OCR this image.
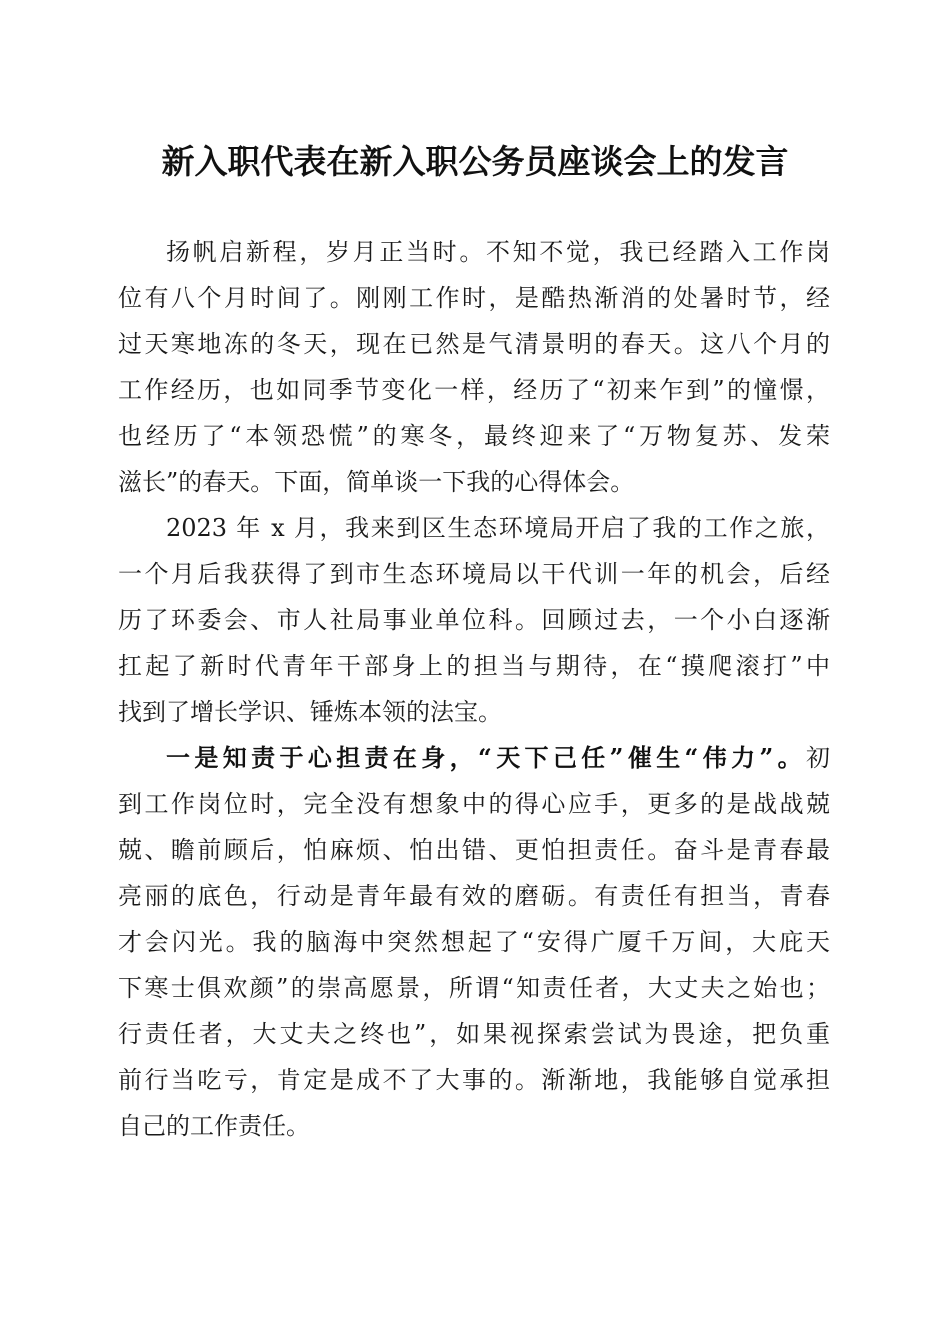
新入职代表在新入职公务员座谈会上的发言
扬帆启新程，岁月正当时。不知不觉，我已经踏入工作岗
位有八个月时间了。刚刚工作时，是酷热渐消的处暑时节，经
过天寒地冻的冬天，现在已然是气清景明的春天。这八个月的
工作经历，也如同季节变化一样，经历了“初来乍到”的憧憬，
也经历了“本领恐慌”的寒冬，最终迎来了“万物复苏、发荣
滋长”的春天。下面，简单谈一下我的心得体会。
2023 年 x 月，我来到区生态环境局开启了我的工作之旅，
一个月后我获得了到市生态环境局以干代训一年的机会，后经
历了环委会、市人社局事业单位科。回顾过去，一个小白逐渐
扛起了新时代青年干部身上的担当与期待，在“摸爬滚打”中
找到了增长学识、锤炼本领的法宝。
一是知责于心担责在身，“天下己任”催生“伟力”。初
到工作岗位时，完全没有想象中的得心应手，更多的是战战兢
兢、瞻前顾后，怕麻烦、怕出错、更怕担责任。奋斗是青春最
亮丽的底色，行动是青年最有效的磨砺。有责任有担当，青春
才会闪光。我的脑海中突然想起了“安得广厦千万间，大庇天
下寒士俱欢颜”的崇高愿景，所谓“知责任者，大丈夫之始也；
行责任者，大丈夫之终也”，如果视探索尝试为畏途，把负重
前行当吃亏，肯定是成不了大事的。渐渐地，我能够自觉承担
自己的工作责任。
